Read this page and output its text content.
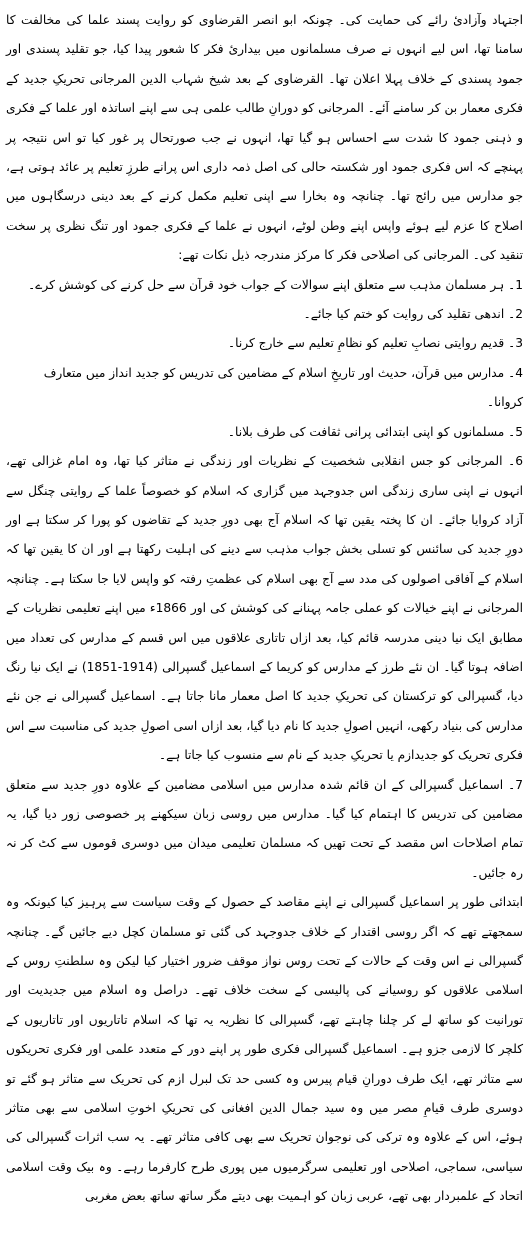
اجتہاد وآزادیٔ رائے کی حمایت کی۔ چونکہ ابو انصر القرضاوی کو روایت پسند علما کی مخالفت کا سامنا تھا، اس لیے انہوں نے صرف مسلمانوں میں بیداریٔ فکر کا شعور پیدا کیا، جو تقلید پسندی اور جمود پسندی کے خلاف پہلا اعلان تھا۔ القرضاوی کے بعد شیخ شہاب الدین المرجانی تحریکِ جدید کے فکری معمار بن کر سامنے آئے۔ المرجانی کو دورانِ طالب علمی ہی سے اپنے اساتذہ اور علما کے فکری و ذہنی جمود کا شدت سے احساس ہو گیا تھا، انہوں نے جب صورتحال پر غور کیا تو اس نتیجہ پر پہنچے کہ اس فکری جمود اور شکستہ حالی کی اصل ذمہ داری اس پرانے طرزِ تعلیم پر عائد ہوتی ہے، جو مدارس میں رائج تھا۔ چنانچہ وہ بخارا سے اپنی تعلیم مکمل کرنے کے بعد دینی درسگاہوں میں اصلاح کا عزم لیے ہوئے واپس اپنے وطن لوٹے، انہوں نے علما کے فکری جمود اور تنگ نظری پر سخت تنقید کی۔ المرجانی کی اصلاحی فکر کا مرکز مندرجہ ذیل نکات تھے:

1۔ ہر مسلمان مذہب سے متعلق اپنے سوالات کے جواب خود قرآن سے حل کرنے کی کوشش کرے۔

2۔ اندھی تقلید کی روایت کو ختم کیا جائے۔

3۔ قدیم روایتی نصابِ تعلیم کو نظامِ تعلیم سے خارج کرنا۔

4۔ مدارس میں قرآن، حدیث اور تاریخِ اسلام کے مضامین کی تدریس کو جدید انداز میں متعارف کروانا۔

5۔ مسلمانوں کو اپنی ابتدائی پرانی ثقافت کی طرف بلانا۔

6۔ المرجانی کو جس انقلابی شخصیت کے نظریات اور زندگی نے متاثر کیا تھا، وہ امام غزالی تھے، انہوں نے اپنی ساری زندگی اس جدوجہد میں گزاری کہ اسلام کو خصوصاً علما کے روایتی چنگل سے آزاد کروایا جائے۔ ان کا پختہ یقین تھا کہ اسلام آج بھی دورِ جدید کے تقاضوں کو پورا کر سکتا ہے اور دورِ جدید کی سائنس کو تسلی بخش جواب مذہب سے دینے کی اہلیت رکھتا ہے اور ان کا یقین تھا کہ اسلام کے آفاقی اصولوں کی مدد سے آج بھی اسلام کی عظمتِ رفتہ کو واپس لایا جا سکتا ہے۔ چنانچہ المرجانی نے اپنے خیالات کو عملی جامہ پہنانے کی کوشش کی اور 1866ء میں اپنے تعلیمی نظریات کے مطابق ایک نیا دینی مدرسہ قائم کیا، بعد ازاں تاتاری علاقوں میں اس قسم کے مدارس کی تعداد میں اضافہ ہوتا گیا۔ ان نئے طرز کے مدارس کو کریما کے اسماعیل گسپرالی (1914-1851) نے ایک نیا رنگ دیا، گسپرالی کو ترکستان کی تحریکِ جدید کا اصل معمار مانا جاتا ہے۔ اسماعیل گسپرالی نے جن نئے مدارس کی بنیاد رکھی، انہیں اصولِ جدید کا نام دیا گیا، بعد ازاں اسی اصولِ جدید کی مناسبت سے اس فکری تحریک کو جدیدازم یا تحریکِ جدید کے نام سے منسوب کیا جاتا ہے۔

7۔ اسماعیل گسپرالی کے ان قائم شدہ مدارس میں اسلامی مضامین کے علاوہ دورِ جدید سے متعلق مضامین کی تدریس کا اہتمام کیا گیا۔ مدارس میں روسی زبان سیکھنے پر خصوصی زور دیا گیا، یہ تمام اصلاحات اس مقصد کے تحت تھیں کہ مسلمان تعلیمی میدان میں دوسری قوموں سے کٹ کر نہ رہ جائیں۔

ابتدائی طور پر اسماعیل گسپرالی نے اپنے مقاصد کے حصول کے وقت سیاست سے پرہیز کیا کیونکہ وہ سمجھتے تھے کہ اگر روسی اقتدار کے خلاف جدوجہد کی گئی تو مسلمان کچل دیے جائیں گے۔ چنانچہ گسپرالی نے اس وقت کے حالات کے تحت روس نواز موقف ضرور اختیار کیا لیکن وہ سلطنتِ روس کے اسلامی علاقوں کو روسیانے کی پالیسی کے سخت خلاف تھے۔ دراصل وہ اسلام میں جدیدیت اور تورانیت کو ساتھ لے کر چلنا چاہتے تھے، گسپرالی کا نظریہ یہ تھا کہ اسلام تاتاریوں اور تاتاریوں کے کلچر کا لازمی جزو ہے۔ اسماعیل گسپرالی فکری طور پر اپنے دور کے متعدد علمی اور فکری تحریکوں سے متاثر تھے، ایک طرف دورانِ قیام پیرس وہ کسی حد تک لبرل ازم کی تحریک سے متاثر ہو گئے تو دوسری طرف قیامِ مصر میں وہ سید جمال الدین افغانی کی تحریکِ اخوتِ اسلامی سے بھی متاثر ہوئے، اس کے علاوہ وہ ترکی کی نوجوان تحریک سے بھی کافی متاثر تھے۔ یہ سب اثرات گسپرالی کی سیاسی، سماجی، اصلاحی اور تعلیمی سرگرمیوں میں پوری طرح کارفرما رہے۔ وہ بیک وقت اسلامی اتحاد کے علمبردار بھی تھے، عربی زبان کو اہمیت بھی دیتے مگر ساتھ ساتھ بعض مغربی
